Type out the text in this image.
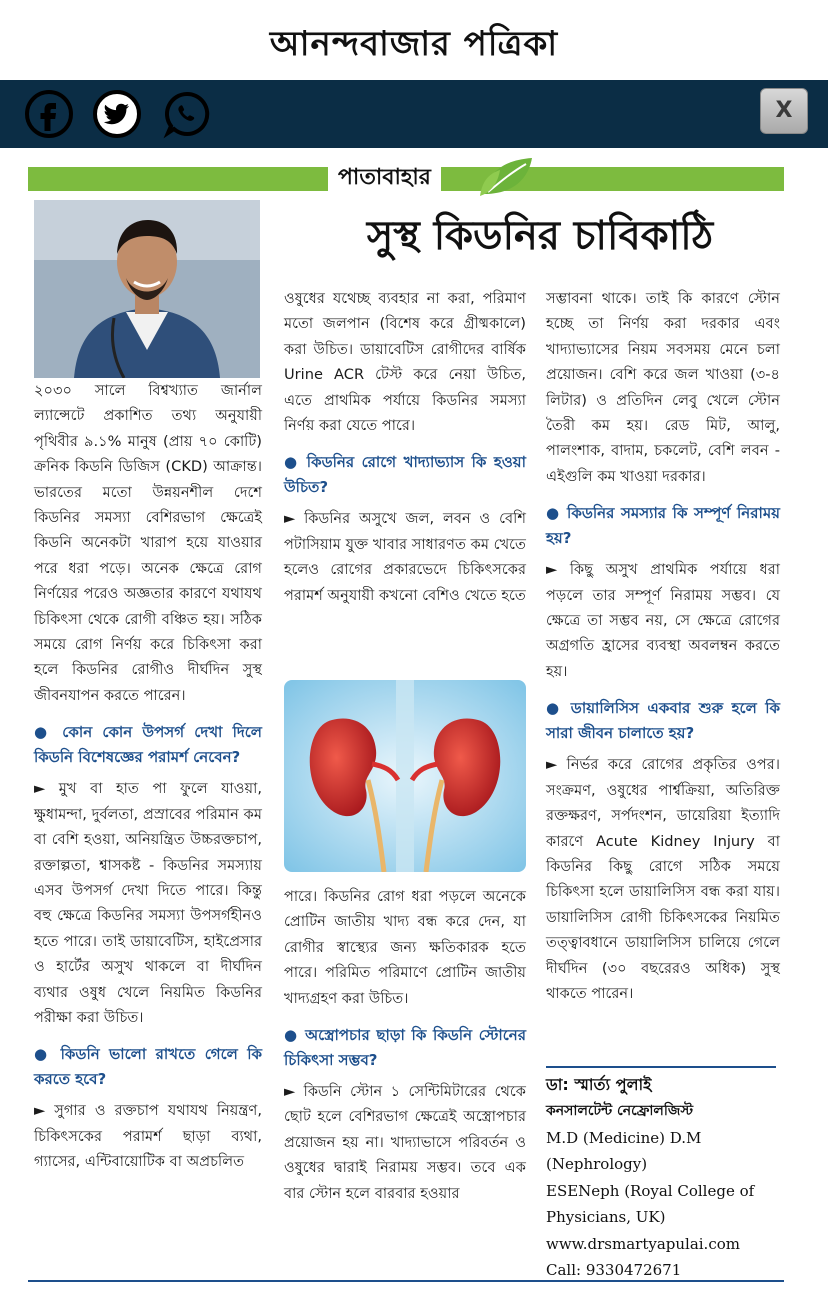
আনন্দবাজার পত্রিকা
X
পাতাবাহার
সুস্থ কিডনির চাবিকাঠি

২০৩০ সালে বিশ্বখ্যাত জার্নাল ল্যান্সেটে প্রকাশিত তথ্য অনুযায়ী পৃথিবীর ৯.১% মানুষ (প্রায় ৭০ কোটি) ক্রনিক কিডনি ডিজিস (CKD) আক্রান্ত। ভারতের মতো উন্নয়নশীল দেশে কিডনির সমস্যা বেশিরভাগ ক্ষেত্রেই কিডনি অনেকটা খারাপ হয়ে যাওয়ার পরে ধরা পড়ে। অনেক ক্ষেত্রে রোগ নির্ণয়ের পরেও অজ্ঞতার কারণে যথাযথ চিকিৎসা থেকে রোগী বঞ্চিত হয়। সঠিক সময়ে রোগ নির্ণয় করে চিকিৎসা করা হলে কিডনির রোগীও দীর্ঘদিন সুস্থ জীবনযাপন করতে পারেন।

● কোন কোন উপসর্গ দেখা দিলে কিডনি বিশেষজ্ঞের পরামর্শ নেবেন?

► মুখ বা হাত পা ফুলে যাওয়া, ক্ষুধামন্দা, দুর্বলতা, প্রস্রাবের পরিমান কম বা বেশি হওয়া, অনিয়ন্ত্রিত উচ্চরক্তচাপ, রক্তাল্পতা, শ্বাসকষ্ট - কিডনির সমস্যায় এসব উপসর্গ দেখা দিতে পারে। কিন্তু বহু ক্ষেত্রে কিডনির সমস্যা উপসর্গহীনও হতে পারে। তাই ডায়াবেটিস, হাইপ্রেসার ও হার্টের অসুখ থাকলে বা দীর্ঘদিন ব্যথার ওষুধ খেলে নিয়মিত কিডনির পরীক্ষা করা উচিত।

● কিডনি ভালো রাখতে গেলে কি করতে হবে?

► সুগার ও রক্তচাপ যথাযথ নিয়ন্ত্রণ, চিকিৎসকের পরামর্শ ছাড়া ব্যথা, গ্যাসের, এন্টিবায়োটিক বা অপ্রচলিত

ওষুধের যথেচ্ছ ব্যবহার না করা, পরিমাণ মতো জলপান (বিশেষ করে গ্রীষ্মকালে) করা উচিত। ডায়াবেটিস রোগীদের বার্ষিক Urine ACR টেস্ট করে নেয়া উচিত, এতে প্রাথমিক পর্যায়ে কিডনির সমস্যা নির্ণয় করা যেতে পারে।

● কিডনির রোগে খাদ্যাভ্যাস কি হওয়া উচিত?

► কিডনির অসুখে জল, লবন ও বেশি পটাসিয়াম যুক্ত খাবার সাধারণত কম খেতে হলেও রোগের প্রকারভেদে চিকিৎসকের পরামর্শ অনুযায়ী কখনো বেশিও খেতে হতে

পারে। কিডনির রোগ ধরা পড়লে অনেকে প্রোটিন জাতীয় খাদ্য বন্ধ করে দেন, যা রোগীর স্বাস্থ্যের জন্য ক্ষতিকারক হতে পারে। পরিমিত পরিমাণে প্রোটিন জাতীয় খাদ্যগ্রহণ করা উচিত।

● অস্ত্রোপচার ছাড়া কি কিডনি স্টোনের চিকিৎসা সম্ভব?

► কিডনি স্টোন ১ সেন্টিমিটারের থেকে ছোট হলে বেশিরভাগ ক্ষেত্রেই অস্ত্রোপচার প্রয়োজন হয় না। খাদ্যাভাসে পরিবর্তন ও ওষুধের দ্বারাই নিরাময় সম্ভব। তবে এক বার স্টোন হলে বারবার হওয়ার

সম্ভাবনা থাকে। তাই কি কারণে স্টোন হচ্ছে তা নির্ণয় করা দরকার এবং খাদ্যাভ্যাসের নিয়ম সবসময় মেনে চলা প্রয়োজন। বেশি করে জল খাওয়া (৩-৪ লিটার) ও প্রতিদিন লেবু খেলে স্টোন তৈরী কম হয়। রেড মিট, আলু, পালংশাক, বাদাম, চকলেট, বেশি লবন - এইগুলি কম খাওয়া দরকার।

● কিডনির সমস্যার কি সম্পূর্ণ নিরাময় হয়?

► কিছু অসুখ প্রাথমিক পর্যায়ে ধরা পড়লে তার সম্পূর্ণ নিরাময় সম্ভব। যে ক্ষেত্রে তা সম্ভব নয়, সে ক্ষেত্রে রোগের অগ্রগতি হ্রাসের ব্যবস্থা অবলম্বন করতে হয়।

● ডায়ালিসিস একবার শুরু হলে কি সারা জীবন চালাতে হয়?

► নির্ভর করে রোগের প্রকৃতির ওপর। সংক্রমণ, ওষুধের পার্শ্বক্রিয়া, অতিরিক্ত রক্তক্ষরণ, সর্পদংশন, ডায়েরিয়া ইত্যাদি কারণে Acute Kidney Injury বা কিডনির কিছু রোগে সঠিক সময়ে চিকিৎসা হলে ডায়ালিসিস বন্ধ করা যায়। ডায়ালিসিস রোগী চিকিৎসকের নিয়মিত তত্ত্বাবধানে ডায়ালিসিস চালিয়ে গেলে দীর্ঘদিন (৩০ বছরেরও অধিক) সুস্থ থাকতে পারেন।

ডা: স্মার্ত্য পুলাই
কনসালটেন্ট নেফ্রোলজিস্ট
M.D (Medicine) D.M
(Nephrology)
ESENeph (Royal College of
Physicians, UK)
www.drsmartyapulai.com
Call: 9330472671
